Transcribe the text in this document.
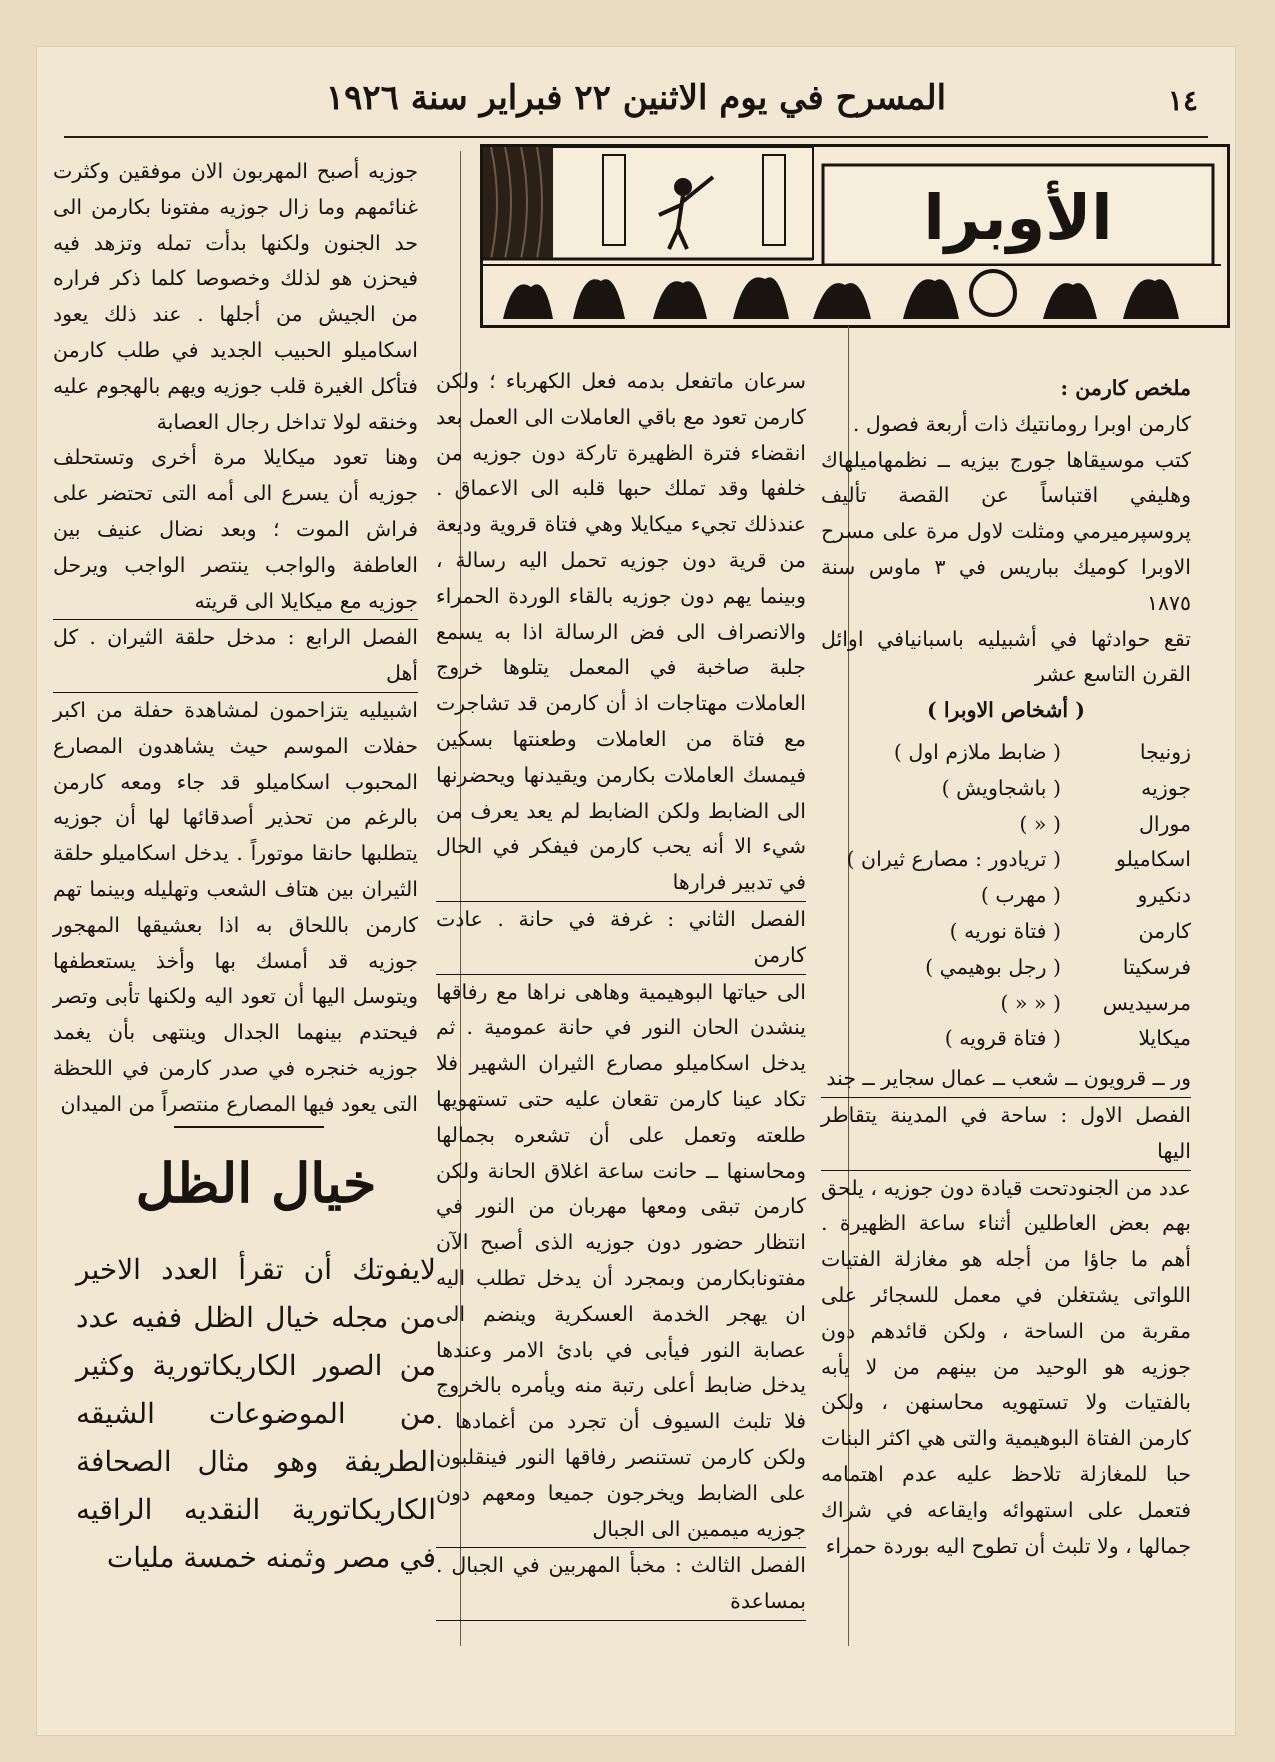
١٤
المسرح في يوم الاثنين ٢٢ فبراير سنة ١٩٢٦
الأوبرا

ملخص كارمن :

كارمن اوبرا رومانتيك ذات أربعة فصول .

كتب موسيقاها جورج بيزيه ــ نظمهاميلهاك وهليفي اقتباساً عن القصة تأليف پروسپرميرمي ومثلت لاول مرة على مسرح الاوبرا كوميك بباريس في ٣ ماوس سنة ١٨٧٥

تقع حوادثها في أشبيليه باسبانيافي اوائل القرن التاسع عشر

( أشخاص الاوبرا )

زونيجا
( ضابط ملازم اول )
جوزيه
( باشجاويش )
مورال
( « )
اسكاميلو
( تريادور : مصارع ثيران )
دنكيرو
( مهرب )
كارمن
( فتاة نوريه )
فرسكيتا
( رجل بوهيمي )
مرسيديس
( « « )
ميكايلا
( فتاة قرويه )

ور ــ قرويون ــ شعب ــ عمال سجاير ــ جند

الفصل الاول : ساحة في المدينة يتقاطر اليها

عدد من الجنودتحت قيادة دون جوزيه ، يلحق بهم بعض العاطلين أثناء ساعة الظهيرة . أهم ما جاؤا من أجله هو مغازلة الفتيات اللواتى يشتغلن في معمل للسجائر على مقربة من الساحة ، ولكن قائدهم دون جوزيه هو الوحيد من بينهم من لا يأبه بالفتيات ولا تستهويه محاسنهن ، ولكن كارمن الفتاة البوهيمية والتى هي اكثر البنات حبا للمغازلة تلاحظ عليه عدم اهتمامه فتعمل على استهوائه وايقاعه في شراك جمالها ، ولا تلبث أن تطوح اليه بوردة حمراء

سرعان ماتفعل بدمه فعل الكهرباء ؛ ولكن كارمن تعود مع باقي العاملات الى العمل بعد انقضاء فترة الظهيرة تاركة دون جوزيه من خلفها وقد تملك حبها قلبه الى الاعماق . عندذلك تجيء ميكايلا وهي فتاة قروية وديعة من قرية دون جوزيه تحمل اليه رسالة ، وبينما يهم دون جوزيه بالقاء الوردة الحمراء والانصراف الى فض الرسالة اذا به يسمع جلبة صاخبة في المعمل يتلوها خروج العاملات مهتاجات اذ أن كارمن قد تشاجرت مع فتاة من العاملات وطعنتها بسكين فيمسك العاملات بكارمن ويقيدنها ويحضرنها الى الضابط ولكن الضابط لم يعد يعرف من شيء الا أنه يحب كارمن فيفكر في الحال في تدبير فرارها

الفصل الثاني : غرفة في حانة . عادت كارمن

الى حياتها البوهيمية وهاهى نراها مع رفاقها ينشدن الحان النور في حانة عمومية . ثم يدخل اسكاميلو مصارع الثيران الشهير فلا تكاد عينا كارمن تقعان عليه حتى تستهويها طلعته وتعمل على أن تشعره بجمالها ومحاسنها ــ حانت ساعة اغلاق الحانة ولكن كارمن تبقى ومعها مهربان من النور في انتظار حضور دون جوزيه الذى أصبح الآن مفتونابكارمن وبمجرد أن يدخل تطلب اليه ان يهجر الخدمة العسكرية وينضم الى عصابة النور فيأبى في بادئ الامر وعندها يدخل ضابط أعلى رتبة منه ويأمره بالخروج فلا تلبث السيوف أن تجرد من أغمادها . ولكن كارمن تستنصر رفاقها النور فينقلبون على الضابط ويخرجون جميعا ومعهم دون جوزيه ميممين الى الجبال

الفصل الثالث : مخبأ المهربين في الجبال . بمساعدة

جوزيه أصبح المهربون الان موفقين وكثرت غنائمهم وما زال جوزيه مفتونا بكارمن الى حد الجنون ولكنها بدأت تمله وتزهد فيه فيحزن هو لذلك وخصوصا كلما ذكر فراره من الجيش من أجلها . عند ذلك يعود اسكاميلو الحبيب الجديد في طلب كارمن فتأكل الغيرة قلب جوزيه ويهم بالهجوم عليه وخنقه لولا تداخل رجال العصابة

وهنا تعود ميكايلا مرة أخرى وتستحلف جوزيه أن يسرع الى أمه التى تحتضر على فراش الموت ؛ وبعد نضال عنيف بين العاطفة والواجب ينتصر الواجب ويرحل جوزيه مع ميكايلا الى قريته

الفصل الرابع : مدخل حلقة الثيران . كل أهل

اشبيليه يتزاحمون لمشاهدة حفلة من اكبر حفلات الموسم حيث يشاهدون المصارع المحبوب اسكاميلو قد جاء ومعه كارمن بالرغم من تحذير أصدقائها لها أن جوزيه يتطلبها حانقا موتوراً . يدخل اسكاميلو حلقة الثيران بين هتاف الشعب وتهليله وبينما تهم كارمن باللحاق به اذا بعشيقها المهجور جوزيه قد أمسك بها وأخذ يستعطفها ويتوسل اليها أن تعود اليه ولكنها تأبى وتصر فيحتدم بينهما الجدال وينتهى بأن يغمد جوزيه خنجره في صدر كارمن في اللحظة التى يعود فيها المصارع منتصراً من الميدان

خيال الظل
لايفوتك أن تقرأ العدد الاخير من مجله خيال الظل ففيه عدد من الصور الكاريكاتورية وكثير من الموضوعات الشيقه الطريفة وهو مثال الصحافة الكاريكاتورية النقديه الراقيه في مصر وثمنه خمسة مليات
